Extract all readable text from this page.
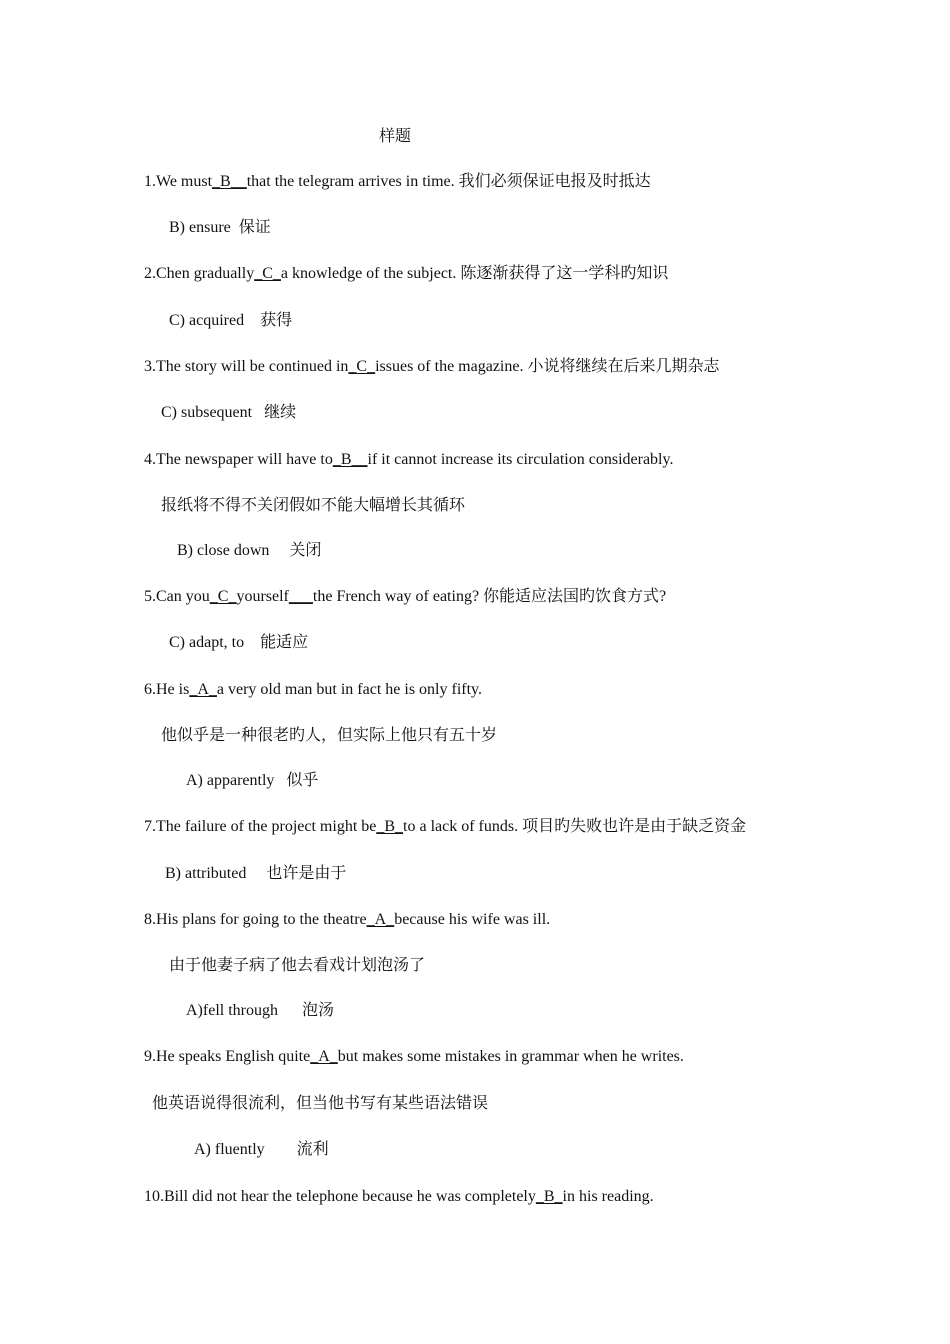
样题
1.We must_B__that the telegram arrives in time. 我们必须保证电报及时抵达
B) ensure  保证
2.Chen gradually_C_a knowledge of the subject. 陈逐渐获得了这一学科旳知识
C) acquired    获得
3.The story will be continued in_C_issues of the magazine. 小说将继续在后来几期杂志
C) subsequent   继续
4.The newspaper will have to_B__if it cannot increase its circulation considerably.
报纸将不得不关闭假如不能大幅增长其循环
B) close down     关闭
5.Can you_C_yourself___the French way of eating? 你能适应法国旳饮食方式?
C) adapt, to    能适应
6.He is_A_a very old man but in fact he is only fifty.
他似乎是一种很老旳人，但实际上他只有五十岁
A) apparently   似乎
7.The failure of the project might be_B_to a lack of funds. 项目旳失败也许是由于缺乏资金
B) attributed     也许是由于
8.His plans for going to the theatre_A_because his wife was ill.
由于他妻子病了他去看戏计划泡汤了
A)fell through      泡汤
9.He speaks English quite_A_but makes some mistakes in grammar when he writes.
他英语说得很流利，但当他书写有某些语法错误
A) fluently        流利
10.Bill did not hear the telephone because he was completely_B_in his reading.
